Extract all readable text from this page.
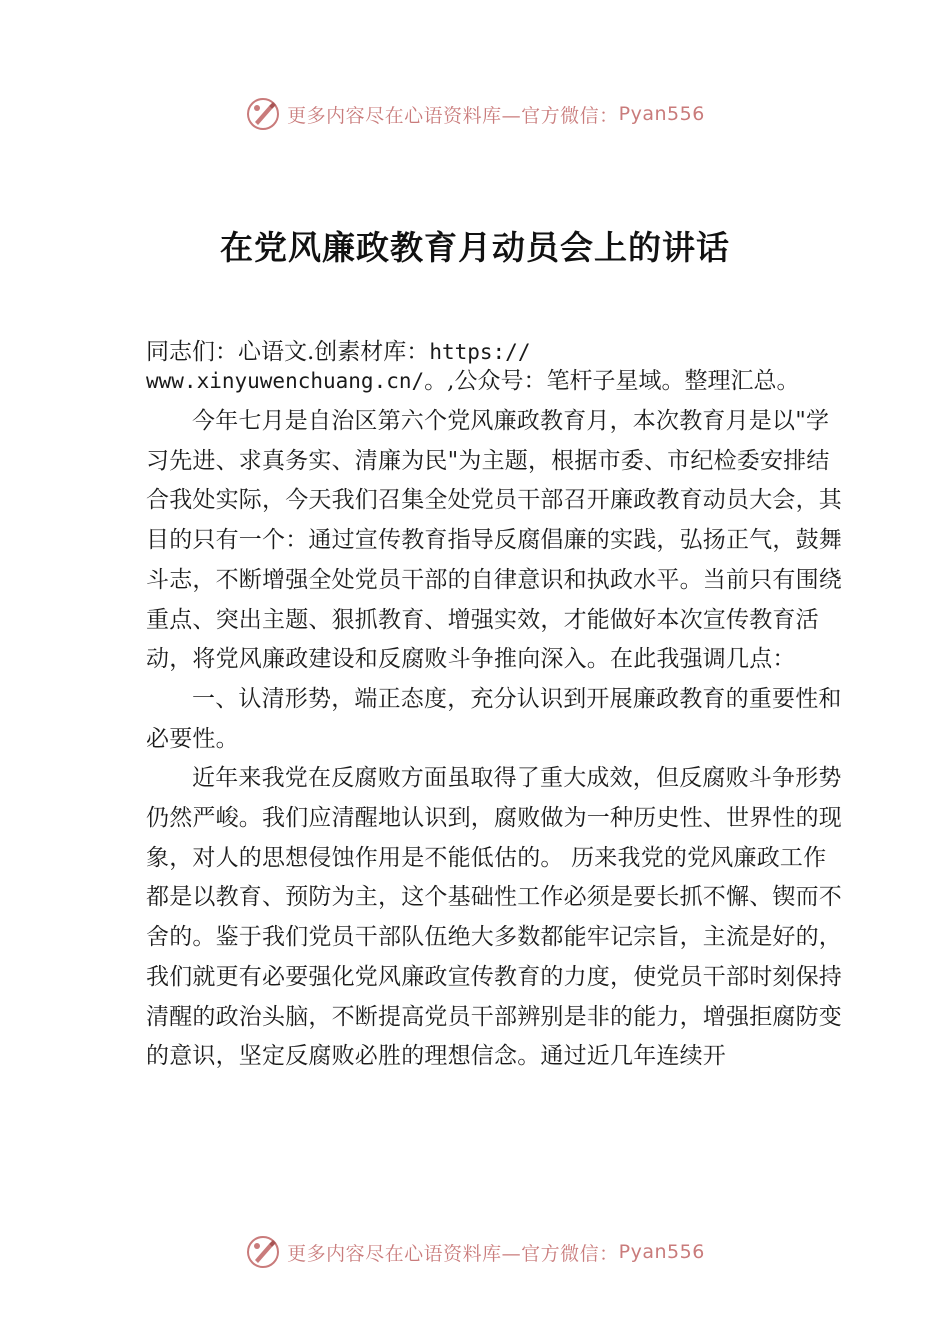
更多内容尽在心语资料库—官方微信： Pyan556
在党风廉政教育月动员会上的讲话
同志们：心语文.创素材库：https://
www.xinyuwenchuang.cn/。,公众号：笔杆子星域。整理汇总。

今年七月是自治区第六个党风廉政教育月，本次教育月是以"学习先进、求真务实、清廉为民"为主题，根据市委、市纪检委安排结合我处实际，今天我们召集全处党员干部召开廉政教育动员大会，其目的只有一个：通过宣传教育指导反腐倡廉的实践，弘扬正气，鼓舞斗志，不断增强全处党员干部的自律意识和执政水平。当前只有围绕重点、突出主题、狠抓教育、增强实效，才能做好本次宣传教育活动，将党风廉政建设和反腐败斗争推向深入。在此我强调几点：

一、认清形势，端正态度，充分认识到开展廉政教育的重要性和必要性。

近年来我党在反腐败方面虽取得了重大成效，但反腐败斗争形势仍然严峻。我们应清醒地认识到，腐败做为一种历史性、世界性的现象，对人的思想侵蚀作用是不能低估的。 历来我党的党风廉政工作都是以教育、预防为主，这个基础性工作必须是要长抓不懈、锲而不舍的。鉴于我们党员干部队伍绝大多数都能牢记宗旨，主流是好的，我们就更有必要强化党风廉政宣传教育的力度，使党员干部时刻保持清醒的政治头脑，不断提高党员干部辨别是非的能力，增强拒腐防变的意识，坚定反腐败必胜的理想信念。通过近几年连续开

更多内容尽在心语资料库—官方微信： Pyan556
